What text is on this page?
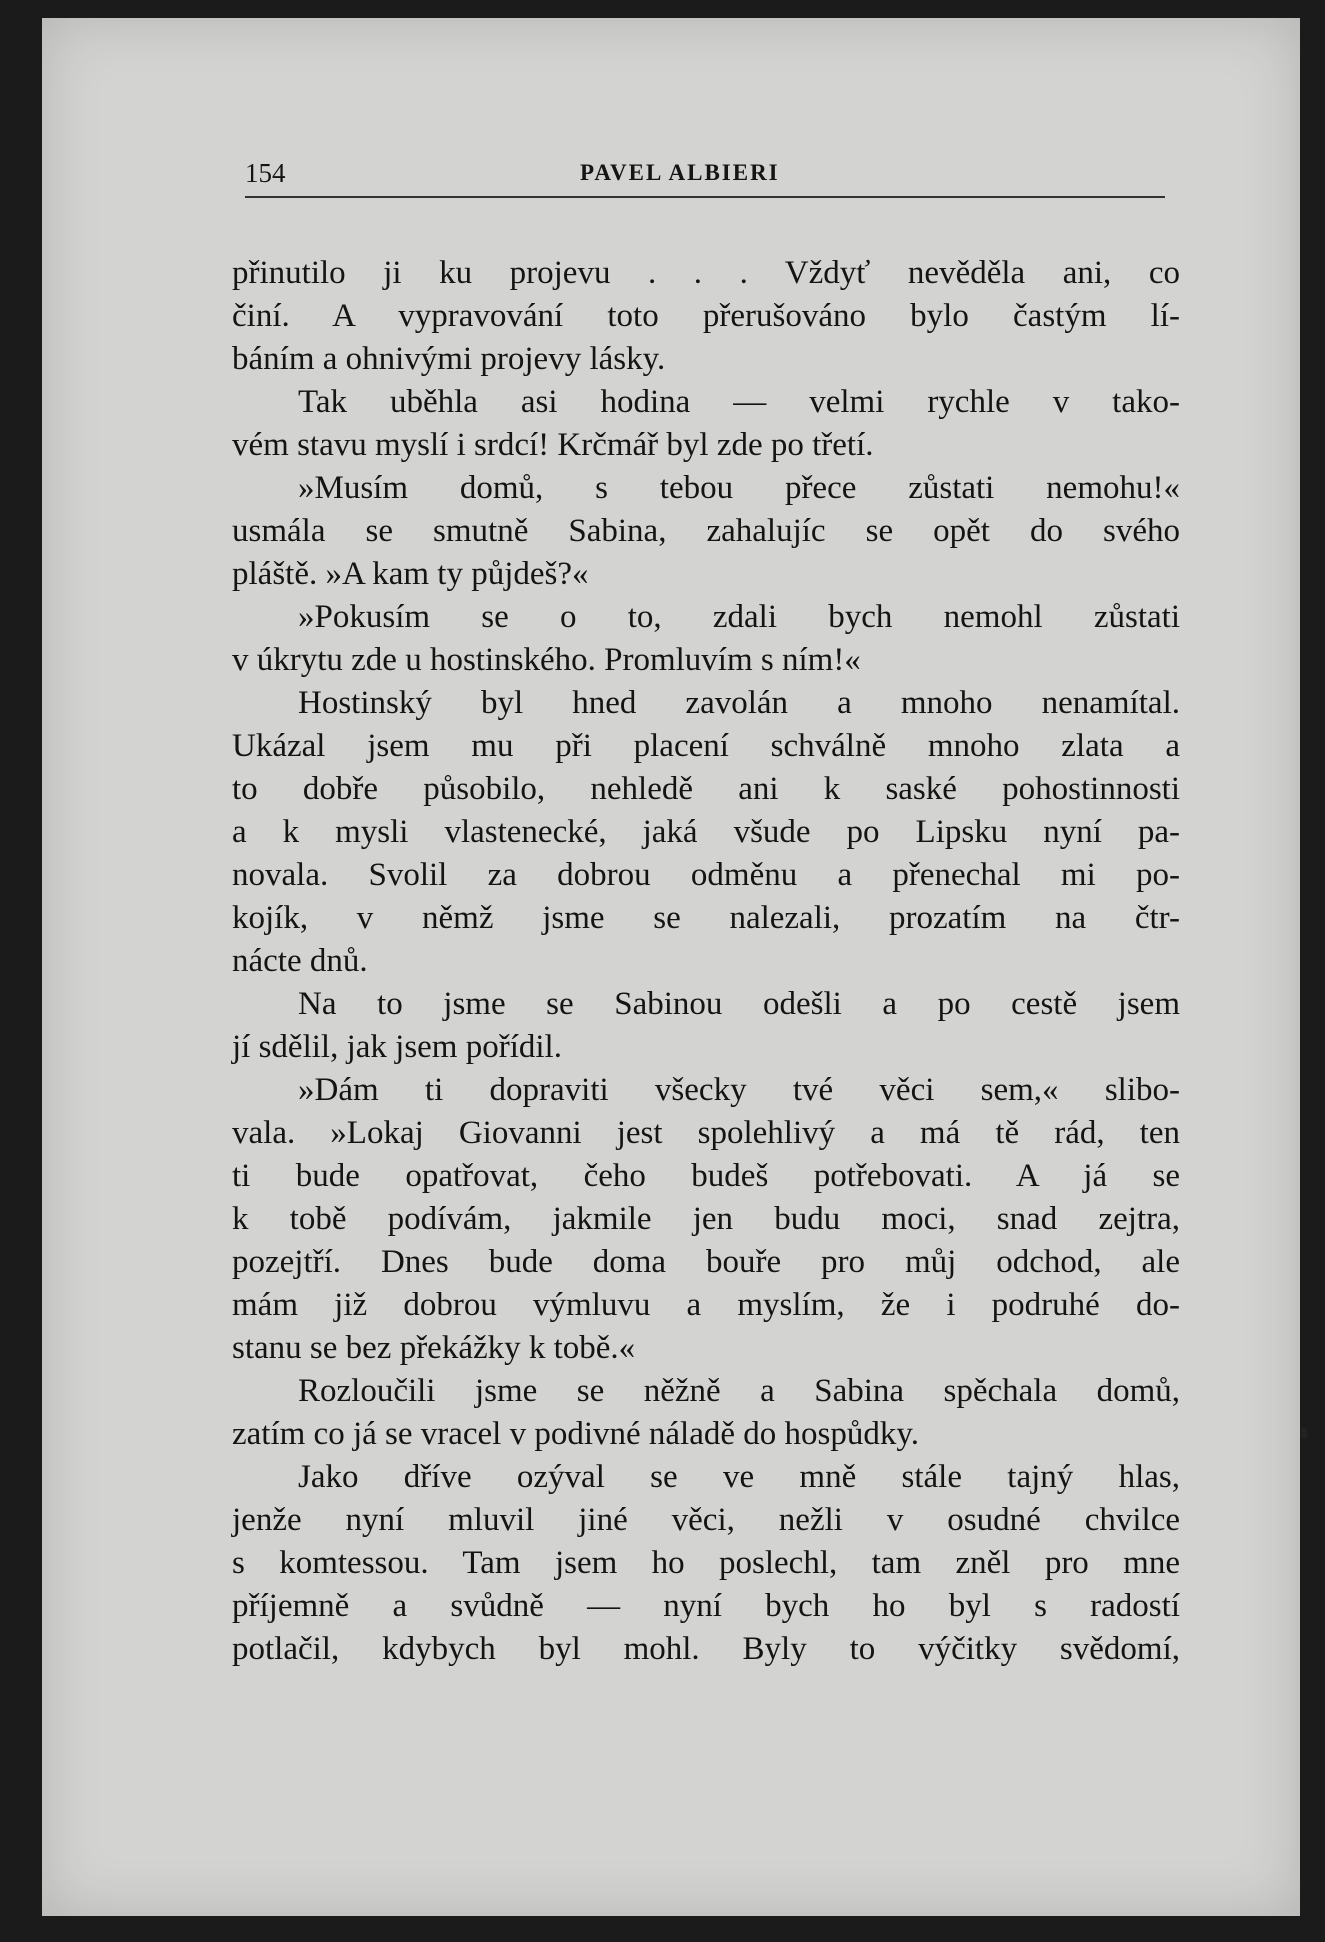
154	PAVEL ALBIERI
přinutilo ji ku projevu . . . Vždyť nevěděla ani, co
činí. A vypravování toto přerušováno bylo častým lí-
báním a ohnivými projevy lásky.
Tak uběhla asi hodina — velmi rychle v tako-
vém stavu myslí i srdcí! Krčmář byl zde po třetí.
»Musím domů, s tebou přece zůstati nemohu!«
usmála se smutně Sabina, zahalujíc se opět do svého
pláště. »A kam ty půjdeš?«
»Pokusím se o to, zdali bych nemohl zůstati
v úkrytu zde u hostinského. Promluvím s ním!«
Hostinský byl hned zavolán a mnoho nenamítal.
Ukázal jsem mu při placení schválně mnoho zlata a
to dobře působilo, nehledě ani k saské pohostinnosti
a k mysli vlastenecké, jaká všude po Lipsku nyní pa-
novala. Svolil za dobrou odměnu a přenechal mi po-
kojík, v němž jsme se nalezali, prozatím na čtr-
nácte dnů.
Na to jsme se Sabinou odešli a po cestě jsem
jí sdělil, jak jsem pořídil.
»Dám ti dopraviti všecky tvé věci sem,« slibo-
vala. »Lokaj Giovanni jest spolehlivý a má tě rád, ten
ti bude opatřovat, čeho budeš potřebovati. A já se
k tobě podívám, jakmile jen budu moci, snad zejtra,
pozejtří. Dnes bude doma bouře pro můj odchod, ale
mám již dobrou výmluvu a myslím, že i podruhé do-
stanu se bez překážky k tobě.«
Rozloučili jsme se něžně a Sabina spěchala domů,
zatím co já se vracel v podivné náladě do hospůdky.
Jako dříve ozýval se ve mně stále tajný hlas,
jenže nyní mluvil jiné věci, nežli v osudné chvilce
s komtessou. Tam jsem ho poslechl, tam zněl pro mne
příjemně a svůdně — nyní bych ho byl s radostí
potlačil, kdybych byl mohl. Byly to výčitky svědomí,
